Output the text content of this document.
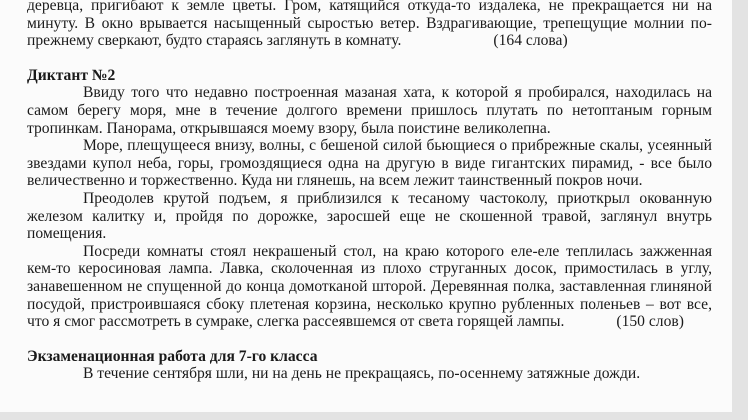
деревца, пригибают к земле цветы. Гром, катящийся откуда-то издалека, не прекращается ни на минуту. В окно врывается насыщенный сыростью ветер. Вздрагивающие, трепещущие молнии по-прежнему сверкают, будто стараясь заглянуть в комнату.	(164 слова)

Диктант №2

Ввиду того что недавно построенная мазаная хата, к которой я пробирался, находилась на самом берегу моря, мне в течение долгого времени пришлось плутать по нетоптаным горным тропинкам. Панорама, открывшаяся моему взору, была поистине великолепна.

Море, плещущееся внизу, волны, с бешеной силой бьющиеся о прибрежные скалы, усеянный звездами купол неба, горы, громоздящиеся одна на другую в виде гигантских пирамид, - все было величественно и торжественно. Куда ни глянешь, на всем лежит таинственный покров ночи.

Преодолев крутой подъем, я приблизился к тесаному частоколу, приоткрыл окованную железом калитку и, пройдя по дорожке, заросшей еще не скошенной травой, заглянул внутрь помещения.

Посреди комнаты стоял некрашеный стол, на краю которого еле-еле теплилась зажженная кем-то керосиновая лампа. Лавка, сколоченная из плохо струганных досок, примостилась в углу, занавешенном не спущенной до конца домотканой шторой. Деревянная полка, заставленная глиняной посудой, пристроившаяся сбоку плетеная корзина, несколько крупно рубленных поленьев – вот все, что я смог рассмотреть в сумраке, слегка рассеявшемся от света горящей лампы.	(150 слов)

Экзаменационная работа для 7-го класса

В течение сентября шли, ни на день не прекращаясь, по-осеннему затяжные дожди.
